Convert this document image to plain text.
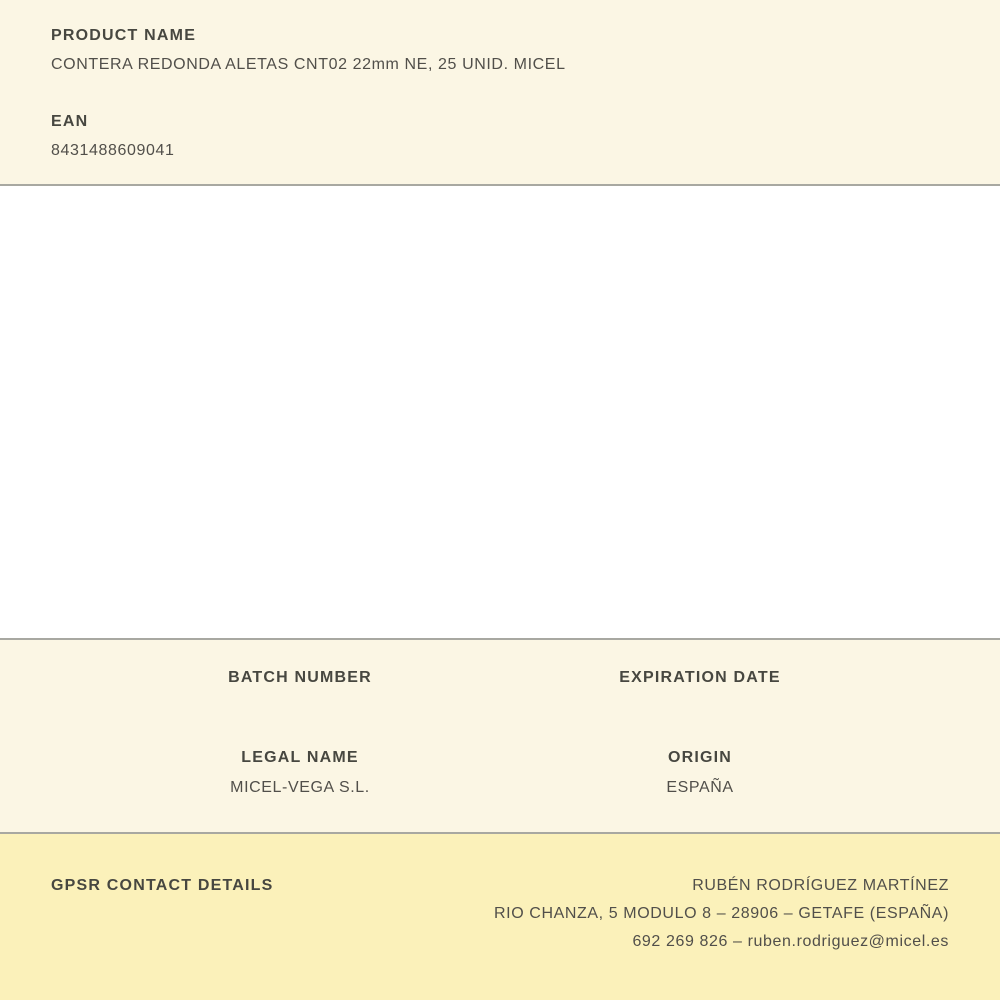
PRODUCT NAME
CONTERA REDONDA ALETAS CNT02 22mm NE, 25 UNID. MICEL
EAN
8431488609041
BATCH NUMBER	EXPIRATION DATE
LEGAL NAME
MICEL-VEGA S.L.
ORIGIN
ESPAÑA
GPSR CONTACT DETAILS	RUBÉN RODRÍGUEZ MARTÍNEZ
RIO CHANZA, 5 MODULO 8 – 28906 – GETAFE (ESPAÑA)
692 269 826 – ruben.rodriguez@micel.es
